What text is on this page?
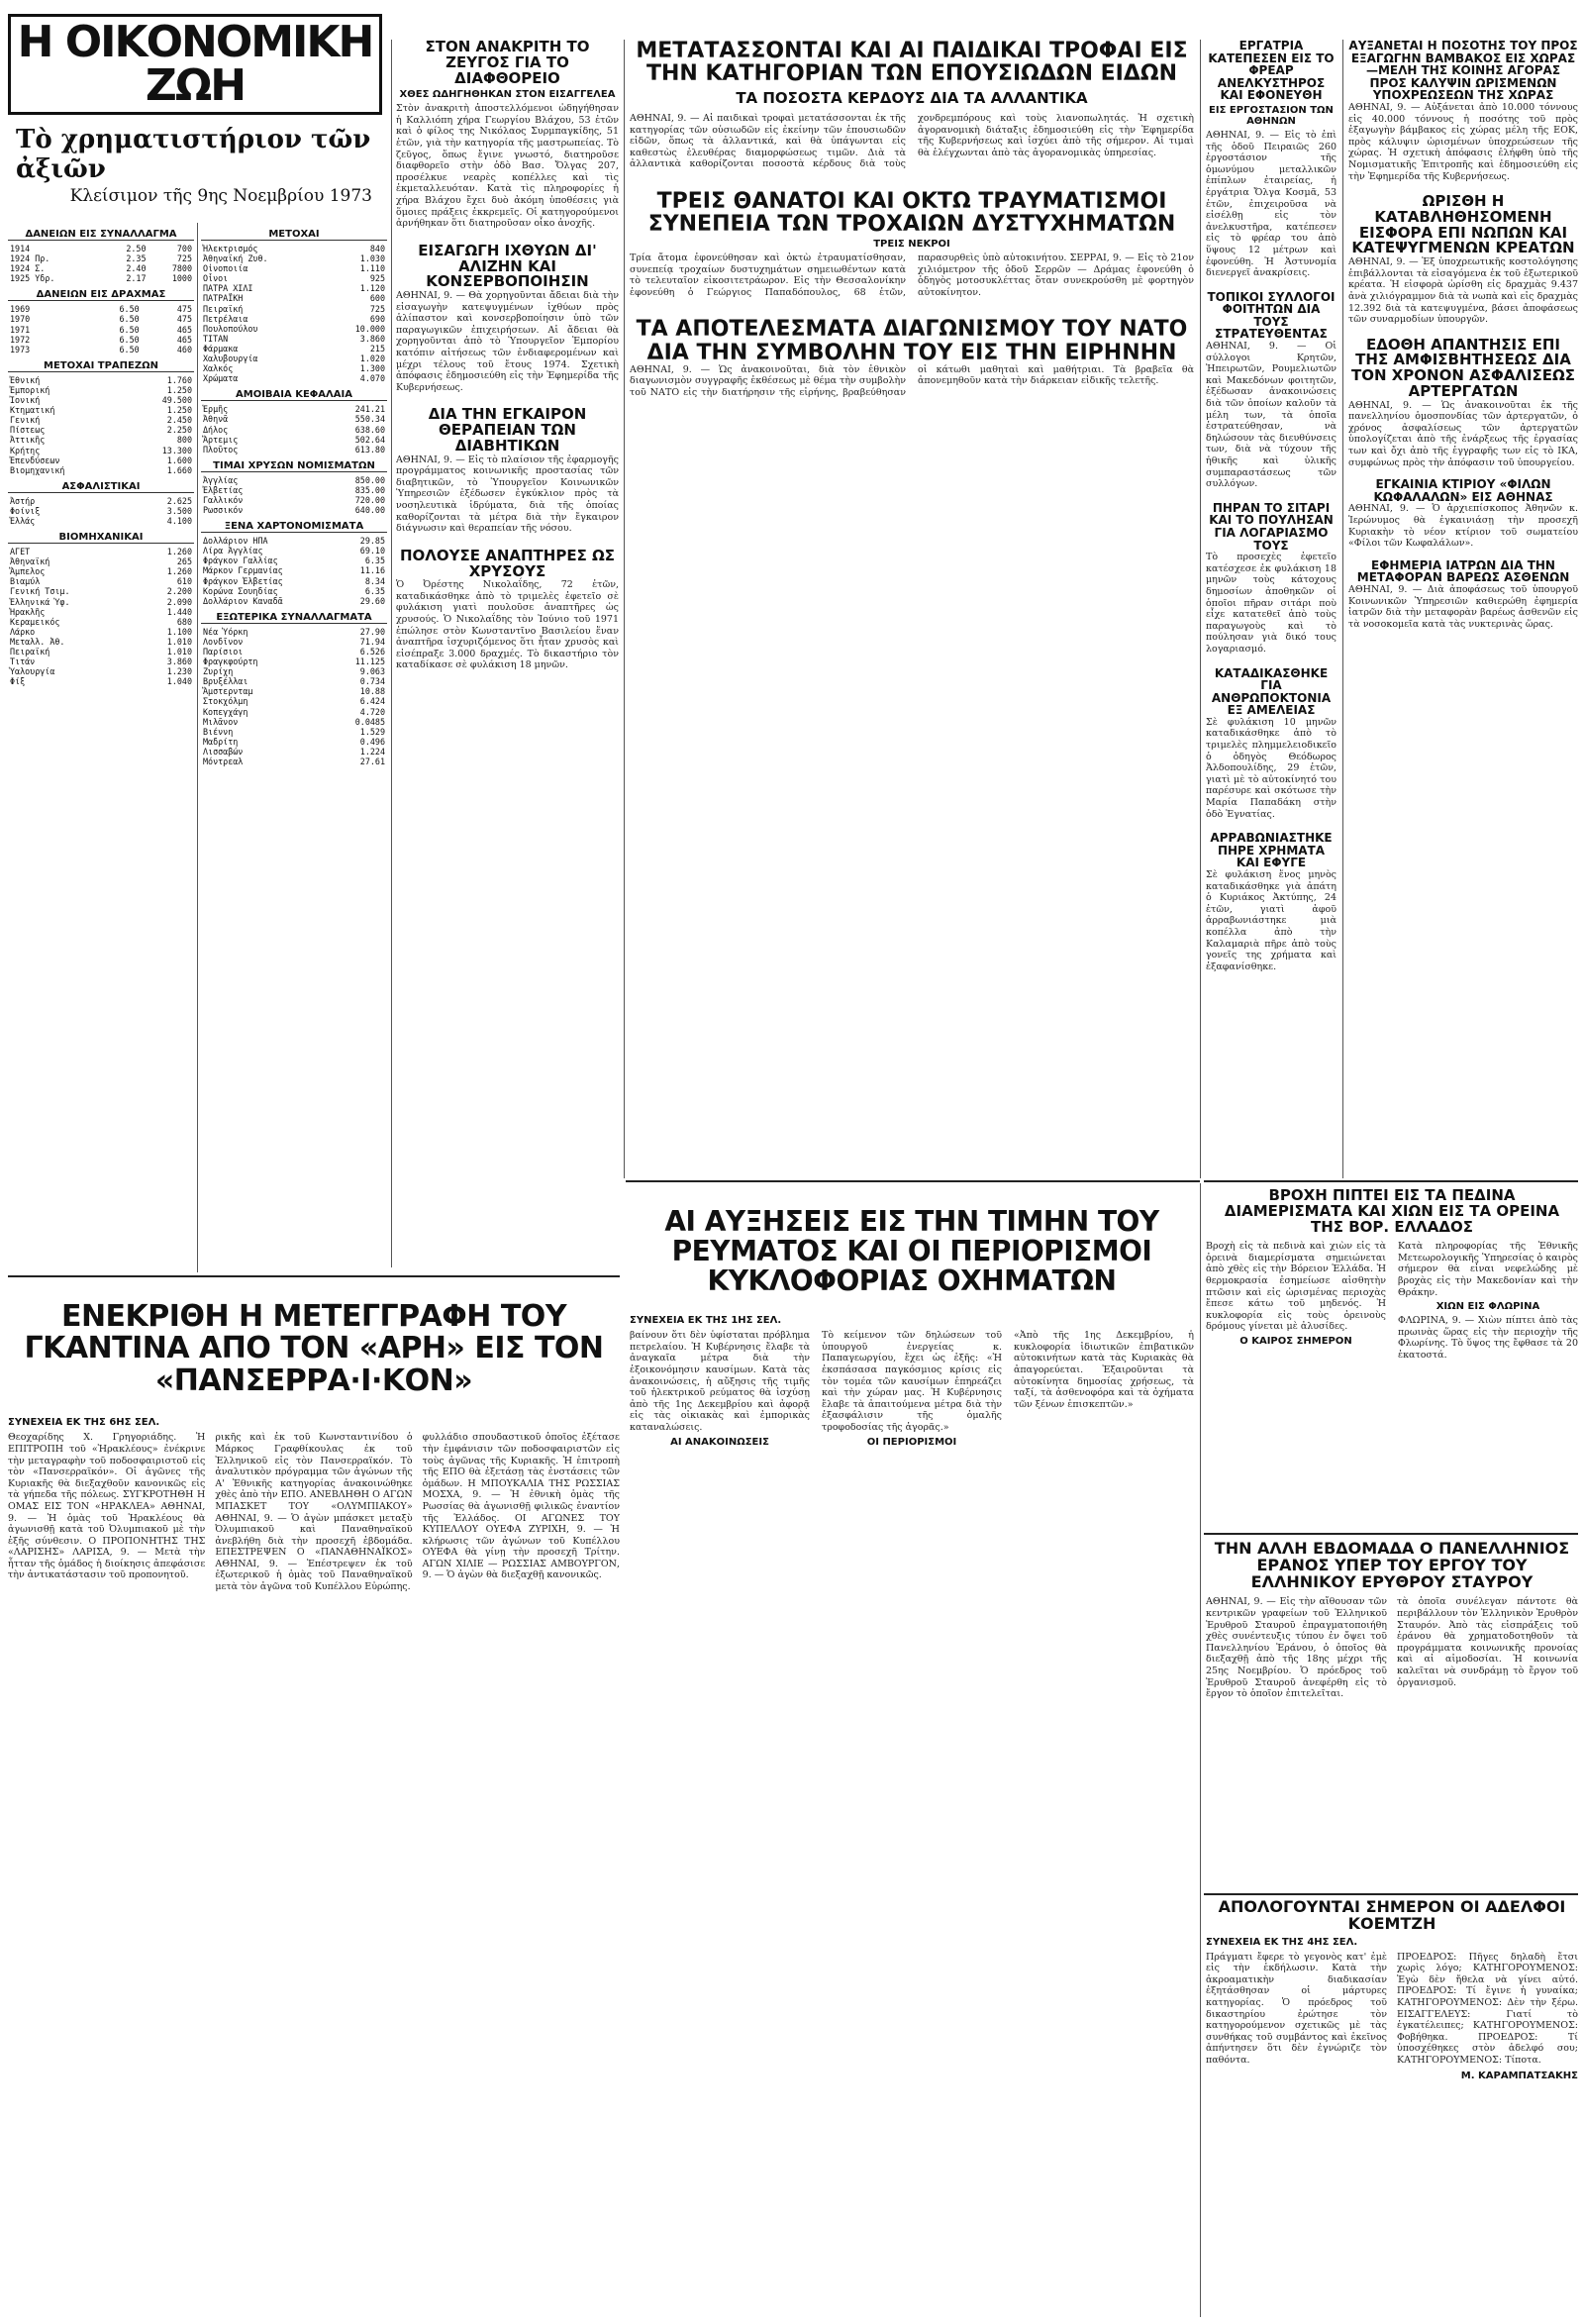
Η ΟΙΚΟΝΟΜΙΚΗ ΖΩΗ
Τὸ χρηματιστήριον τῶν ἀξιῶν
Κλείσιμον τῆς 9ης Νοεμβρίου 1973
ΔΑΝΕΙΩΝ ΕΙΣ ΣΥΝΑΛΛΑΓΜΑ
1914	2.50	700
1924 Πρ.	2.35	725
1924 Σ.	2.40	7800
1925 Υδρ.	2.17	1000
ΔΑΝΕΙΩΝ ΕΙΣ ΔΡΑΧΜΑΣ
1969	6.50	475
1970	6.50	475
1971	6.50	465
1972	6.50	465
1973	6.50	460
ΜΕΤΟΧΑΙ ΤΡΑΠΕΖΩΝ
Ἐθνική	1.760
Ἐμπορική	1.250
Ἰονική	49.500
Κτηματική	1.250
Γενική	2.450
Πίστεως	2.250
Ἀττικῆς	800
Κρήτης	13.300
Ἐπενδύσεων	1.600
Βιομηχανική	1.660
ΑΣΦΑΛΙΣΤΙΚΑΙ
Ἀστήρ	2.625
Φοίνιξ	3.500
Ἑλλάς	4.100
ΒΙΟΜΗΧΑΝΙΚΑΙ
ΑΓΕΤ	1.260
Ἀθηναϊκή	265
Ἄμπελος	1.260
Βιαμύλ	610
Γενική Τσιμ.	2.200
Ἑλληνικά Ὑφ.	2.090
Ἡρακλῆς	1.440
Κεραμεικός	680
Λάρκο	1.100
Μεταλλ. Ἀθ.	1.010
Πειραϊκή	1.010
Τιτάν	3.860
Ὑαλουργία	1.230
Φίξ	1.040
ΜΕΤΟΧΑΙ
Ἠλεκτρισμός	840
Ἀθηναϊκή Ζυθ.	1.030
Οἰνοποιία	1.110
Οἶνοι	925
ΠΑΤΡΑ ΧΙΛΙ	1.120
ΠΑΤΡΑΪΚΗ	600
Πειραϊκή	725
Πετρέλαια	690
Πουλοπούλου	10.000
ΤΙΤΑΝ	3.860
Φάρμακα	215
Χαλυβουργία	1.020
Χαλκός	1.300
Χρώματα	4.070
ΑΜΟΙΒΑΙΑ ΚΕΦΑΛΑΙΑ
Ἑρμῆς	241.21
Ἀθηνᾶ	550.34
Δήλος	638.60
Ἄρτεμις	502.64
Πλοῦτος	613.80
ΤΙΜΑΙ ΧΡΥΣΩΝ ΝΟΜΙΣΜΑΤΩΝ
Ἀγγλίας	850.00
Ἐλβετίας	835.00
Γαλλικόν	720.00
Ρωσσικόν	640.00
ΞΕΝΑ ΧΑΡΤΟΝΟΜΙΣΜΑΤΑ
Δολλάριον ΗΠΑ	29.85
Λίρα Ἀγγλίας	69.10
Φράγκον Γαλλίας	6.35
Μάρκον Γερμανίας	11.16
Φράγκον Ἐλβετίας	8.34
Κορώνα Σουηδίας	6.35
Δολλάριον Καναδᾶ	29.60
ΕΞΩΤΕΡΙΚΑ ΣΥΝΑΛΛΑΓΜΑΤΑ
Νέα Ὑόρκη	27.90
Λονδῖνον	71.94
Παρίσιοι	6.526
Φραγκφούρτη	11.125
Ζυρίχη	9.063
Βρυξέλλαι	0.734
Ἄμστερνταμ	10.88
Στοκχόλμη	6.424
Κοπεγχάγη	4.720
Μιλᾶνον	0.0485
Βιέννη	1.529
Μαδρίτη	0.496
Λισσαβών	1.224
Μόντρεαλ	27.61
ΣΤΟΝ ΑΝΑΚΡΙΤΗ ΤΟ ΖΕΥΓΟΣ ΓΙΑ ΤΟ ΔΙΑΦΘΟΡΕΙΟ
ΧΘΕΣ ΩΔΗΓΗΘΗΚΑΝ ΣΤΟΝ ΕΙΣΑΓΓΕΛΕΑ

Στὸν ἀνακριτὴ ἀποστελλόμενοι ὡδηγήθησαν ἡ Καλλιόπη χήρα Γεωργίου Βλάχου, 53 ἐτῶν καὶ ὁ φίλος της Νικόλαος Συρμπαγκίδης, 51 ἐτῶν, γιὰ τὴν κατηγορία τῆς μαστρωπείας. Τὸ ζεῦγος, ὅπως ἔγινε γνωστό, διατηροῦσε διαφθορεῖο στὴν ὁδὸ Βασ. Ὄλγας 207, προσέλκυε νεαρὲς κοπέλλες καὶ τὶς ἐκμεταλλευόταν. Κατὰ τὶς πληροφορίες ἡ χήρα Βλάχου ἔχει δυὸ ἀκόμη ὑποθέσεις γιὰ ὅμοιες πράξεις ἐκκρεμεῖς. Οἱ κατηγορούμενοι ἀρνήθηκαν ὅτι διατηροῦσαν οἶκο ἀνοχῆς.

ΕΙΣΑΓΩΓΗ ΙΧΘΥΩΝ ΔΙ' ΑΛΙΖΗΝ ΚΑΙ ΚΟΝΣΕΡΒΟΠΟΙΗΣΙΝ

ΑΘΗΝΑΙ, 9. — Θὰ χορηγοῦνται ἄδειαι διὰ τὴν εἰσαγωγὴν κατεψυγμένων ἰχθύων πρὸς ἁλίπαστον καὶ κονσερβοποίησιν ὑπὸ τῶν παραγωγικῶν ἐπιχειρήσεων. Αἱ ἄδειαι θὰ χορηγοῦνται ἀπὸ τὸ Ὑπουργεῖον Ἐμπορίου κατόπιν αἰτήσεως τῶν ἐνδιαφερομένων καὶ μέχρι τέλους τοῦ ἔτους 1974. Σχετικὴ ἀπόφασις ἐδημοσιεύθη εἰς τὴν Ἐφημερίδα τῆς Κυβερνήσεως.

ΔΙΑ ΤΗΝ ΕΓΚΑΙΡΟΝ ΘΕΡΑΠΕΙΑΝ ΤΩΝ ΔΙΑΒΗΤΙΚΩΝ

ΑΘΗΝΑΙ, 9. — Εἰς τὸ πλαίσιον τῆς ἐφαρμογῆς προγράμματος κοινωνικῆς προστασίας τῶν διαβητικῶν, τὸ Ὑπουργεῖον Κοινωνικῶν Ὑπηρεσιῶν ἐξέδωσεν ἐγκύκλιον πρὸς τὰ νοσηλευτικὰ ἱδρύματα, διὰ τῆς ὁποίας καθορίζονται τὰ μέτρα διὰ τὴν ἔγκαιρον διάγνωσιν καὶ θεραπείαν τῆς νόσου.

ΠΟΛΟΥΣΕ ΑΝΑΠΤΗΡΕΣ ΩΣ ΧΡΥΣΟΥΣ

Ὁ Ὀρέστης Νικολαΐδης, 72 ἐτῶν, καταδικάσθηκε ἀπὸ τὸ τριμελὲς ἐφετεῖο σὲ φυλάκιση γιατὶ πουλοῦσε ἀναπτῆρες ὡς χρυσούς. Ὁ Νικολαΐδης τὸν Ἰούνιο τοῦ 1971 ἐπώλησε στὸν Κωνσταντῖνο Βασιλείου ἕναν ἀναπτῆρα ἰσχυριζόμενος ὅτι ἦταν χρυσὸς καὶ εἰσέπραξε 3.000 δραχμές. Τὸ δικαστήριο τὸν καταδίκασε σὲ φυλάκιση 18 μηνῶν.

ΜΕΤΑΤΑΣΣΟΝΤΑΙ ΚΑΙ ΑΙ ΠΑΙΔΙΚΑΙ ΤΡΟΦΑΙ ΕΙΣ ΤΗΝ ΚΑΤΗΓΟΡΙΑΝ ΤΩΝ ΕΠΟΥΣΙΩΔΩΝ ΕΙΔΩΝ
ΤΑ ΠΟΣΟΣΤΑ ΚΕΡΔΟΥΣ ΔΙΑ ΤΑ ΑΛΛΑΝΤΙΚΑ

ΑΘΗΝΑΙ, 9. — Αἱ παιδικαὶ τροφαὶ μετατάσσονται ἐκ τῆς κατηγορίας τῶν οὐσιωδῶν εἰς ἐκείνην τῶν ἐπουσιωδῶν εἰδῶν, ὅπως τὰ ἀλλαντικά, καὶ θὰ ὑπάγωνται εἰς καθεστὼς ἐλευθέρας διαμορφώσεως τιμῶν. Διὰ τὰ ἀλλαντικὰ καθορίζονται ποσοστὰ κέρδους διὰ τοὺς χονδρεμπόρους καὶ τοὺς λιανοπωλητάς. Ἡ σχετικὴ ἀγορανομικὴ διάταξις ἐδημοσιεύθη εἰς τὴν Ἐφημερίδα τῆς Κυβερνήσεως καὶ ἰσχύει ἀπὸ τῆς σήμερον. Αἱ τιμαὶ θὰ ἐλέγχωνται ἀπὸ τὰς ἀγορανομικὰς ὑπηρεσίας.

ΤΡΕΙΣ ΘΑΝΑΤΟΙ ΚΑΙ ΟΚΤΩ ΤΡΑΥΜΑΤΙΣΜΟΙ ΣΥΝΕΠΕΙΑ ΤΩΝ ΤΡΟΧΑΙΩΝ ΔΥΣΤΥΧΗΜΑΤΩΝ
ΤΡΕΙΣ ΝΕΚΡΟΙ

Τρία ἄτομα ἐφονεύθησαν καὶ ὀκτὼ ἐτραυματίσθησαν, συνεπείᾳ τροχαίων δυστυχημάτων σημειωθέντων κατὰ τὸ τελευταῖον εἰκοσιτετράωρον. Εἰς τὴν Θεσσαλονίκην ἐφονεύθη ὁ Γεώργιος Παπαδόπουλος, 68 ἐτῶν, παρασυρθεὶς ὑπὸ αὐτοκινήτου. ΣΕΡΡΑΙ, 9. — Εἰς τὸ 21ον χιλιόμετρον τῆς ὁδοῦ Σερρῶν — Δράμας ἐφονεύθη ὁ ὁδηγὸς μοτοσυκλέττας ὅταν συνεκρούσθη μὲ φορτηγὸν αὐτοκίνητον.

ΤΑ ΑΠΟΤΕΛΕΣΜΑΤΑ ΔΙΑΓΩΝΙΣΜΟΥ ΤΟΥ ΝΑΤΟ ΔΙΑ ΤΗΝ ΣΥΜΒΟΛΗΝ ΤΟΥ ΕΙΣ ΤΗΝ ΕΙΡΗΝΗΝ

ΑΘΗΝΑΙ, 9. — Ὡς ἀνακοινοῦται, διὰ τὸν ἐθνικὸν διαγωνισμὸν συγγραφῆς ἐκθέσεως μὲ θέμα τὴν συμβολὴν τοῦ ΝΑΤΟ εἰς τὴν διατήρησιν τῆς εἰρήνης, βραβεύθησαν οἱ κάτωθι μαθηταὶ καὶ μαθήτριαι. Τὰ βραβεῖα θὰ ἀπονεμηθοῦν κατὰ τὴν διάρκειαν εἰδικῆς τελετῆς.

ΕΡΓΑΤΡΙΑ ΚΑΤΕΠΕΣΕΝ ΕΙΣ ΤΟ ΦΡΕΑΡ ΑΝΕΛΚΥΣΤΗΡΟΣ ΚΑΙ ΕΦΟΝΕΥΘΗ
ΕΙΣ ΕΡΓΟΣΤΑΣΙΟΝ ΤΩΝ ΑΘΗΝΩΝ

ΑΘΗΝΑΙ, 9. — Εἰς τὸ ἐπὶ τῆς ὁδοῦ Πειραιῶς 260 ἐργοστάσιον τῆς ὁμωνύμου μεταλλικῶν ἐπίπλων ἐταιρείας, ἡ ἐργάτρια Ὄλγα Κοσμᾶ, 53 ἐτῶν, ἐπιχειροῦσα νὰ εἰσέλθῃ εἰς τὸν ἀνελκυστῆρα, κατέπεσεν εἰς τὸ φρέαρ του ἀπὸ ὕψους 12 μέτρων καὶ ἐφονεύθη. Ἡ Ἀστυνομία διενεργεῖ ἀνακρίσεις.

ΤΟΠΙΚΟΙ ΣΥΛΛΟΓΟΙ ΦΟΙΤΗΤΩΝ ΔΙΑ ΤΟΥΣ ΣΤΡΑΤΕΥΘΕΝΤΑΣ

ΑΘΗΝΑΙ, 9. — Οἱ σύλλογοι Κρητῶν, Ἠπειρωτῶν, Ρουμελιωτῶν καὶ Μακεδόνων φοιτητῶν, ἐξέδωσαν ἀνακοινώσεις διὰ τῶν ὁποίων καλοῦν τὰ μέλη των, τὰ ὁποῖα ἐστρατεύθησαν, νὰ δηλώσουν τὰς διευθύνσεις των, διὰ νὰ τύχουν τῆς ἠθικῆς καὶ ὑλικῆς συμπαραστάσεως τῶν συλλόγων.

ΠΗΡΑΝ ΤΟ ΣΙΤΑΡΙ ΚΑΙ ΤΟ ΠΟΥΛΗΣΑΝ ΓΙΑ ΛΟΓΑΡΙΑΣΜΟ ΤΟΥΣ

Τὸ προσεχὲς ἐφετεῖο κατέσχεσε ἐκ φυλάκιση 18 μηνῶν τοὺς κάτοχους δημοσίων ἀποθηκῶν οἱ ὁποῖοι πῆραν σιτάρι ποὺ εἶχε κατατεθεῖ ἀπὸ τοὺς παραγωγοὺς καὶ τὸ πούλησαν γιὰ δικό τους λογαριασμό.

ΚΑΤΑΔΙΚΑΣΘΗΚΕ ΓΙΑ ΑΝΘΡΩΠΟΚΤΟΝΙΑ ΕΞ ΑΜΕΛΕΙΑΣ

Σὲ φυλάκιση 10 μηνῶν καταδικάσθηκε ἀπὸ τὸ τριμελὲς πλημμελειοδικεῖο ὁ ὁδηγὸς Θεόδωρος Ἀλδοπουλίδης, 29 ἐτῶν, γιατὶ μὲ τὸ αὐτοκίνητό του παρέσυρε καὶ σκότωσε τὴν Μαρία Παπαδάκη στὴν ὁδὸ Ἐγνατίας.

ΑΡΡΑΒΩΝΙΑΣΤΗΚΕ ΠΗΡΕ ΧΡΗΜΑΤΑ ΚΑΙ ΕΦΥΓΕ

Σὲ φυλάκιση ἕνος μηνὸς καταδικάσθηκε γιὰ ἀπάτη ὁ Κυριάκος Ἀκτύπης, 24 ἐτῶν, γιατὶ ἀφοῦ ἀρραβωνιάστηκε μιὰ κοπέλλα ἀπὸ τὴν Καλαμαριὰ πῆρε ἀπὸ τοὺς γονεῖς της χρήματα καὶ ἐξαφανίσθηκε.

ΑΥΞΑΝΕΤΑΙ Η ΠΟΣΟΤΗΣ ΤΟΥ ΠΡΟΣ ΕΞΑΓΩΓΗΝ ΒΑΜΒΑΚΟΣ ΕΙΣ ΧΩΡΑΣ—ΜΕΛΗ ΤΗΣ ΚΟΙΝΗΣ ΑΓΟΡΑΣ ΠΡΟΣ ΚΑΛΥΨΙΝ ΩΡΙΣΜΕΝΩΝ ΥΠΟΧΡΕΩΣΕΩΝ ΤΗΣ ΧΩΡΑΣ

ΑΘΗΝΑΙ, 9. — Αὐξάνεται ἀπὸ 10.000 τόννους εἰς 40.000 τόννους ἡ ποσότης τοῦ πρὸς ἐξαγωγὴν βάμβακος εἰς χώρας μέλη τῆς ΕΟΚ, πρὸς κάλυψιν ὡρισμένων ὑποχρεώσεων τῆς χώρας. Ἡ σχετικὴ ἀπόφασις ἐλήφθη ὑπὸ τῆς Νομισματικῆς Ἐπιτροπῆς καὶ ἐδημοσιεύθη εἰς τὴν Ἐφημερίδα τῆς Κυβερνήσεως.

ΩΡΙΣΘΗ Η ΚΑΤΑΒΛΗΘΗΣΟΜΕΝΗ ΕΙΣΦΟΡΑ ΕΠΙ ΝΩΠΩΝ ΚΑΙ ΚΑΤΕΨΥΓΜΕΝΩΝ ΚΡΕΑΤΩΝ

ΑΘΗΝΑΙ, 9. — Ἐξ ὑποχρεωτικῆς κοστολόγησης ἐπιβάλλονται τὰ εἰσαγόμενα ἐκ τοῦ ἐξωτερικοῦ κρέατα. Ἡ εἰσφορὰ ὡρίσθη εἰς δραχμὰς 9.437 ἀνὰ χιλιόγραμμον διὰ τὰ νωπὰ καὶ εἰς δραχμὰς 12.392 διὰ τὰ κατεψυγμένα, βάσει ἀποφάσεως τῶν συναρμοδίων ὑπουργῶν.

ΕΔΟΘΗ ΑΠΑΝΤΗΣΙΣ ΕΠΙ ΤΗΣ ΑΜΦΙΣΒΗΤΗΣΕΩΣ ΔΙΑ ΤΟΝ ΧΡΟΝΟΝ ΑΣΦΑΛΙΣΕΩΣ ΑΡΤΕΡΓΑΤΩΝ

ΑΘΗΝΑΙ, 9. — Ὡς ἀνακοινοῦται ἐκ τῆς πανελληνίου ὁμοσπονδίας τῶν ἀρτεργατῶν, ὁ χρόνος ἀσφαλίσεως τῶν ἀρτεργατῶν ὑπολογίζεται ἀπὸ τῆς ἐνάρξεως τῆς ἐργασίας των καὶ ὄχι ἀπὸ τῆς ἐγγραφῆς των εἰς τὸ ΙΚΑ, συμφώνως πρὸς τὴν ἀπόφασιν τοῦ ὑπουργείου.

ΕΓΚΑΙΝΙΑ ΚΤΙΡΙΟΥ «ΦΙΛΩΝ ΚΩΦΑΛΑΛΩΝ» ΕΙΣ ΑΘΗΝΑΣ

ΑΘΗΝΑΙ, 9. — Ὁ ἀρχιεπίσκοπος Ἀθηνῶν κ. Ἱερώνυμος θὰ ἐγκαινιάσῃ τὴν προσεχῆ Κυριακὴν τὸ νέον κτίριον τοῦ σωματείου «Φίλοι τῶν Κωφαλάλων».

ΕΦΗΜΕΡΙΑ ΙΑΤΡΩΝ ΔΙΑ ΤΗΝ ΜΕΤΑΦΟΡΑΝ ΒΑΡΕΩΣ ΑΣΘΕΝΩΝ

ΑΘΗΝΑΙ, 9. — Διὰ ἀποφάσεως τοῦ ὑπουργοῦ Κοινωνικῶν Ὑπηρεσιῶν καθιερώθη ἐφημερία ἰατρῶν διὰ τὴν μεταφορὰν βαρέως ἀσθενῶν εἰς τὰ νοσοκομεῖα κατὰ τὰς νυκτερινὰς ὥρας.

ΒΡΟΧΗ ΠΙΠΤΕΙ ΕΙΣ ΤΑ ΠΕΔΙΝΑ ΔΙΑΜΕΡΙΣΜΑΤΑ ΚΑΙ ΧΙΩΝ ΕΙΣ ΤΑ ΟΡΕΙΝΑ ΤΗΣ ΒΟΡ. ΕΛΛΑΔΟΣ

Βροχὴ εἰς τὰ πεδινὰ καὶ χιὼν εἰς τὰ ὀρεινὰ διαμερίσματα σημειώνεται ἀπὸ χθὲς εἰς τὴν Βόρειον Ἑλλάδα. Ἡ θερμοκρασία ἐσημείωσε αἰσθητὴν πτῶσιν καὶ εἰς ὡρισμένας περιοχὰς ἔπεσε κάτω τοῦ μηδενός. Ἡ κυκλοφορία εἰς τοὺς ὀρεινοὺς δρόμους γίνεται μὲ ἀλυσίδες.

Ο ΚΑΙΡΟΣ ΣΗΜΕΡΟΝ

Κατὰ πληροφορίας τῆς Ἐθνικῆς Μετεωρολογικῆς Ὑπηρεσίας ὁ καιρὸς σήμερον θὰ εἶναι νεφελώδης μὲ βροχὰς εἰς τὴν Μακεδονίαν καὶ τὴν Θράκην.

ΧΙΩΝ ΕΙΣ ΦΛΩΡΙΝΑ

ΦΛΩΡΙΝΑ, 9. — Χιὼν πίπτει ἀπὸ τὰς πρωινὰς ὥρας εἰς τὴν περιοχὴν τῆς Φλωρίνης. Τὸ ὕψος της ἔφθασε τὰ 20 ἑκατοστά.

ΕΝΕΚΡΙΘΗ Η ΜΕΤΕΓΓΡΑΦΗ ΤΟΥ ΓΚΑΝΤΙΝΑ ΑΠΟ ΤΟΝ «ΑΡΗ» ΕΙΣ ΤΟΝ «ΠΑΝΣΕΡΡΑ·Ι·ΚΟΝ»
ΣΥΝΕΧΕΙΑ ΕΚ ΤΗΣ 6ΗΣ ΣΕΛ.

Θεοχαρίδης Χ. Γρηγοριάδης. Ἡ ΕΠΙΤΡΟΠΗ τοῦ «Ἡρακλέους» ἐνέκρινε τὴν μεταγραφὴν τοῦ ποδοσφαιριστοῦ εἰς τὸν «Πανσερραϊκόν». Οἱ ἀγῶνες τῆς Κυριακῆς θὰ διεξαχθοῦν κανονικῶς εἰς τὰ γήπεδα τῆς πόλεως. ΣΥΓΚΡΟΤΗΘΗ Η ΟΜΑΣ ΕΙΣ ΤΟΝ «ΗΡΑΚΛΕΑ» ΑΘΗΝΑΙ, 9. — Ἡ ὁμὰς τοῦ Ἡρακλέους θὰ ἀγωνισθῇ κατὰ τοῦ Ὀλυμπιακοῦ μὲ τὴν ἑξῆς σύνθεσιν. Ο ΠΡΟΠΟΝΗΤΗΣ ΤΗΣ «ΛΑΡΙΣΗΣ» ΛΑΡΙΣΑ, 9. — Μετὰ τὴν ἧτταν τῆς ὁμάδος ἡ διοίκησις ἀπεφάσισε τὴν ἀντικατάστασιν τοῦ προπονητοῦ.

ρικῆς καὶ ἐκ τοῦ Κωνσταντινίδου ὁ Μάρκος Γραφθίκουλας ἐκ τοῦ Ἐλληνικοῦ εἰς τὸν Πανσερραϊκόν. Τὸ ἀναλυτικὸν πρόγραμμα τῶν ἀγώνων τῆς Α' Ἐθνικῆς κατηγορίας ἀνακοινώθηκε χθὲς ἀπὸ τὴν ΕΠΟ. ΑΝΕΒΛΗΘΗ Ο ΑΓΩΝ ΜΠΑΣΚΕΤ ΤΟΥ «ΟΛΥΜΠΙΑΚΟΥ» ΑΘΗΝΑΙ, 9. — Ὁ ἀγὼν μπάσκετ μεταξὺ Ὀλυμπιακοῦ καὶ Παναθηναϊκοῦ ἀνεβλήθη διὰ τὴν προσεχῆ ἑβδομάδα. ΕΠΕΣΤΡΕΨΕΝ Ο «ΠΑΝΑΘΗΝΑΪΚΟΣ» ΑΘΗΝΑΙ, 9. — Ἐπέστρεψεν ἐκ τοῦ ἐξωτερικοῦ ἡ ὁμὰς τοῦ Παναθηναϊκοῦ μετὰ τὸν ἀγῶνα τοῦ Κυπέλλου Εὐρώπης.

φυλλάδιο σπουδαστικοῦ ὁποῖος ἐξέτασε τὴν ἐμφάνισιν τῶν ποδοσφαιριστῶν εἰς τοὺς ἀγῶνας τῆς Κυριακῆς. Ἡ ἐπιτροπὴ τῆς ΕΠΟ θὰ ἐξετάσῃ τὰς ἐνστάσεις τῶν ὁμάδων. Η ΜΠΟΥΚΑΛΙΑ ΤΗΣ ΡΩΣΣΙΑΣ ΜΟΣΧΑ, 9. — Ἡ ἐθνικὴ ὁμὰς τῆς Ρωσσίας θὰ ἀγωνισθῇ φιλικῶς ἐναντίον τῆς Ἑλλάδος. ΟΙ ΑΓΩΝΕΣ ΤΟΥ ΚΥΠΕΛΛΟΥ ΟΥΕΦΑ ΖΥΡΙΧΗ, 9. — Ἡ κλήρωσις τῶν ἀγώνων τοῦ Κυπέλλου ΟΥΕΦΑ θὰ γίνῃ τὴν προσεχῆ Τρίτην. ΑΓΩΝ ΧΙΛΙΕ — ΡΩΣΣΙΑΣ ΑΜΒΟΥΡΓΟΝ, 9. — Ὁ ἀγὼν θὰ διεξαχθῇ κανονικῶς.

ΑΙ ΑΥΞΗΣΕΙΣ ΕΙΣ ΤΗΝ ΤΙΜΗΝ ΤΟΥ ΡΕΥΜΑΤΟΣ ΚΑΙ ΟΙ ΠΕΡΙΟΡΙΣΜΟΙ ΚΥΚΛΟΦΟΡΙΑΣ ΟΧΗΜΑΤΩΝ
ΣΥΝΕΧΕΙΑ ΕΚ ΤΗΣ 1ΗΣ ΣΕΛ.

βαίνουν ὅτι δὲν ὑφίσταται πρόβλημα πετρελαίου. Ἡ Κυβέρνησις ἔλαβε τὰ ἀναγκαῖα μέτρα διὰ τὴν ἐξοικονόμησιν καυσίμων. Κατὰ τὰς ἀνακοινώσεις, ἡ αὔξησις τῆς τιμῆς τοῦ ἠλεκτρικοῦ ρεύματος θὰ ἰσχύσῃ ἀπὸ τῆς 1ης Δεκεμβρίου καὶ ἀφορᾷ εἰς τὰς οἰκιακὰς καὶ ἐμπορικὰς καταναλώσεις.

ΑΙ ΑΝΑΚΟΙΝΩΣΕΙΣ

Τὸ κείμενον τῶν δηλώσεων τοῦ ὑπουργοῦ ἐνεργείας κ. Παπαγεωργίου, ἔχει ὡς ἑξῆς: «Ἡ ἐκσπάσασα παγκόσμιος κρίσις εἰς τὸν τομέα τῶν καυσίμων ἐπηρεάζει καὶ τὴν χώραν μας. Ἡ Κυβέρνησις ἔλαβε τὰ ἀπαιτούμενα μέτρα διὰ τὴν ἐξασφάλισιν τῆς ὁμαλῆς τροφοδοσίας τῆς ἀγορᾶς.»

ΟΙ ΠΕΡΙΟΡΙΣΜΟΙ

«Ἀπὸ τῆς 1ης Δεκεμβρίου, ἡ κυκλοφορία ἰδιωτικῶν ἐπιβατικῶν αὐτοκινήτων κατὰ τὰς Κυριακὰς θὰ ἀπαγορεύεται. Ἐξαιροῦνται τὰ αὐτοκίνητα δημοσίας χρήσεως, τὰ ταξί, τὰ ἀσθενοφόρα καὶ τὰ ὀχήματα τῶν ξένων ἐπισκεπτῶν.»

ΤΗΝ ΑΛΛΗ ΕΒΔΟΜΑΔΑ Ο ΠΑΝΕΛΛΗΝΙΟΣ ΕΡΑΝΟΣ ΥΠΕΡ ΤΟΥ ΕΡΓΟΥ ΤΟΥ ΕΛΛΗΝΙΚΟΥ ΕΡΥΘΡΟΥ ΣΤΑΥΡΟΥ

ΑΘΗΝΑΙ, 9. — Εἰς τὴν αἴθουσαν τῶν κεντρικῶν γραφείων τοῦ Ἑλληνικοῦ Ἐρυθροῦ Σταυροῦ ἐπραγματοποιήθη χθὲς συνέντευξις τύπου ἐν ὄψει τοῦ Πανελληνίου Ἐράνου, ὁ ὁποῖος θὰ διεξαχθῇ ἀπὸ τῆς 18ης μέχρι τῆς 25ης Νοεμβρίου. Ὁ πρόεδρος τοῦ Ἐρυθροῦ Σταυροῦ ἀνεφέρθη εἰς τὸ ἔργον τὸ ὁποῖον ἐπιτελεῖται.

τὰ ὁποῖα συνέλεγαν πάντοτε θὰ περιβάλλουν τὸν Ἑλληνικὸν Ἐρυθρὸν Σταυρόν. Ἀπὸ τὰς εἰσπράξεις τοῦ ἐράνου θὰ χρηματοδοτηθοῦν τὰ προγράμματα κοινωνικῆς προνοίας καὶ αἱ αἱμοδοσίαι. Ἡ κοινωνία καλεῖται νὰ συνδράμῃ τὸ ἔργον τοῦ ὀργανισμοῦ.

ΑΠΟΛΟΓΟΥΝΤΑΙ ΣΗΜΕΡΟΝ ΟΙ ΑΔΕΛΦΟΙ ΚΟΕΜΤΖΗ
ΣΥΝΕΧΕΙΑ ΕΚ ΤΗΣ 4ΗΣ ΣΕΛ.

Πράγματι ἔφερε τὸ γεγονὸς κατ' ἐμὲ εἰς τὴν ἐκδήλωσιν. Κατὰ τὴν ἀκροαματικὴν διαδικασίαν ἐξητάσθησαν οἱ μάρτυρες κατηγορίας. Ὁ πρόεδρος τοῦ δικαστηρίου ἐρώτησε τὸν κατηγορούμενον σχετικῶς μὲ τὰς συνθήκας τοῦ συμβάντος καὶ ἐκεῖνος ἀπήντησεν ὅτι δὲν ἐγνώριζε τὸν παθόντα.

ΠΡΟΕΔΡΟΣ: Πῆγες δηλαδὴ ἔτσι χωρὶς λόγο; ΚΑΤΗΓΟΡΟΥΜΕΝΟΣ: Ἐγὼ δὲν ἤθελα νὰ γίνει αὐτό. ΠΡΟΕΔΡΟΣ: Τί ἔγινε ἡ γυναίκα; ΚΑΤΗΓΟΡΟΥΜΕΝΟΣ: Δὲν τὴν ξέρω. ΕΙΣΑΓΓΕΛΕΥΣ: Γιατί τὸ ἐγκατέλειπες; ΚΑΤΗΓΟΡΟΥΜΕΝΟΣ: Φοβήθηκα. ΠΡΟΕΔΡΟΣ: Τί ὑποσχέθηκες στὸν ἀδελφό σου; ΚΑΤΗΓΟΡΟΥΜΕΝΟΣ: Τίποτα.

Μ. ΚΑΡΑΜΠΑΤΣΑΚΗΣ
